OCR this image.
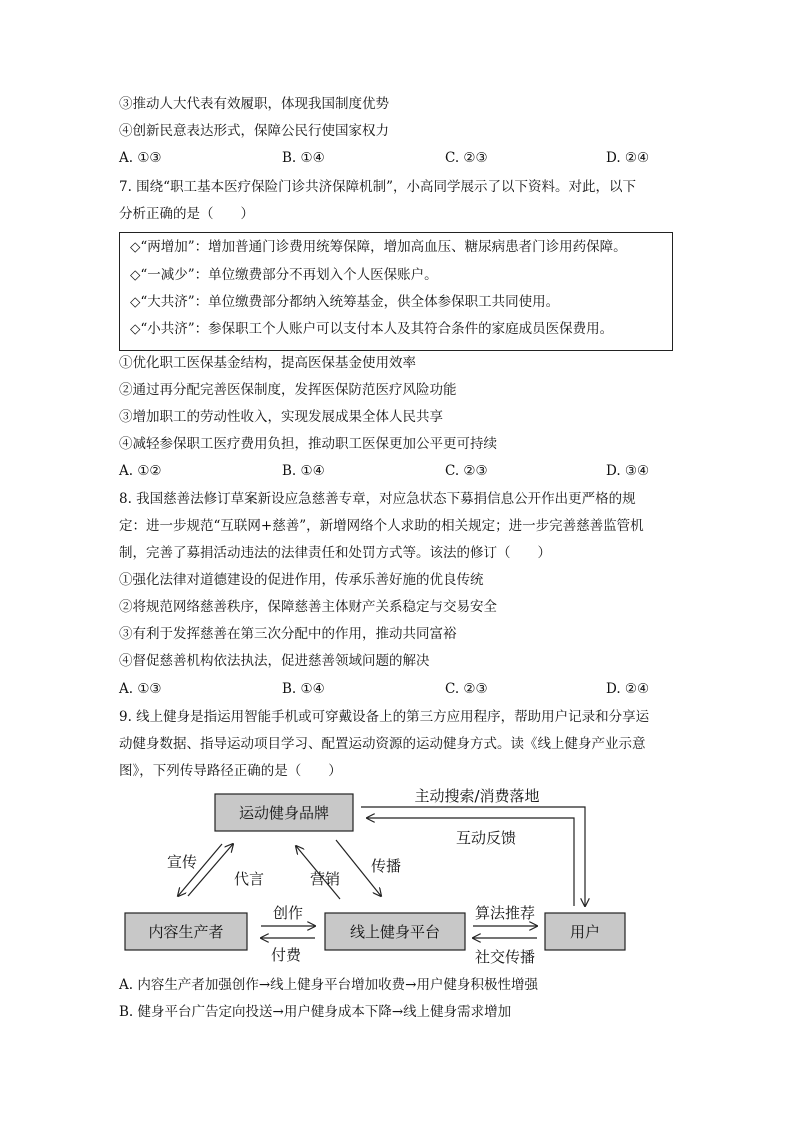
③推动人大代表有效履职，体现我国制度优势
④创新民意表达形式，保障公民行使国家权力
A. ①③	B. ①④	C. ②③	D. ②④
7. 围绕“职工基本医疗保险门诊共济保障机制”，小高同学展示了以下资料。对此，以下
分析正确的是（　　）
◇“两增加”：增加普通门诊费用统筹保障，增加高血压、糖尿病患者门诊用药保障。
◇“一减少”：单位缴费部分不再划入个人医保账户。
◇“大共济”：单位缴费部分都纳入统筹基金，供全体参保职工共同使用。
◇“小共济”：参保职工个人账户可以支付本人及其符合条件的家庭成员医保费用。
①优化职工医保基金结构，提高医保基金使用效率
②通过再分配完善医保制度，发挥医保防范医疗风险功能
③增加职工的劳动性收入，实现发展成果全体人民共享
④减轻参保职工医疗费用负担，推动职工医保更加公平更可持续
A. ①②	B. ①④	C. ②③	D. ③④
8. 我国慈善法修订草案新设应急慈善专章，对应急状态下募捐信息公开作出更严格的规
定：进一步规范“互联网+慈善”，新增网络个人求助的相关规定；进一步完善慈善监管机
制，完善了募捐活动违法的法律责任和处罚方式等。该法的修订（　　）
①强化法律对道德建设的促进作用，传承乐善好施的优良传统
②将规范网络慈善秩序，保障慈善主体财产关系稳定与交易安全
③有利于发挥慈善在第三次分配中的作用，推动共同富裕
④督促慈善机构依法执法，促进慈善领域问题的解决
A. ①③	B. ①④	C. ②③	D. ②④
9. 线上健身是指运用智能手机或可穿戴设备上的第三方应用程序，帮助用户记录和分享运
动健身数据、指导运动项目学习、配置运动资源的运动健身方式。读《线上健身产业示意
图》，下列传导路径正确的是（　　）
运动健身品牌
内容生产者	线上健身平台	用户
主动搜索/消费落地
互动反馈
宣传
代言	营销
传播
创作
付费
算法推荐
社交传播
A. 内容生产者加强创作→线上健身平台增加收费→用户健身积极性增强
B. 健身平台广告定向投送→用户健身成本下降→线上健身需求增加
